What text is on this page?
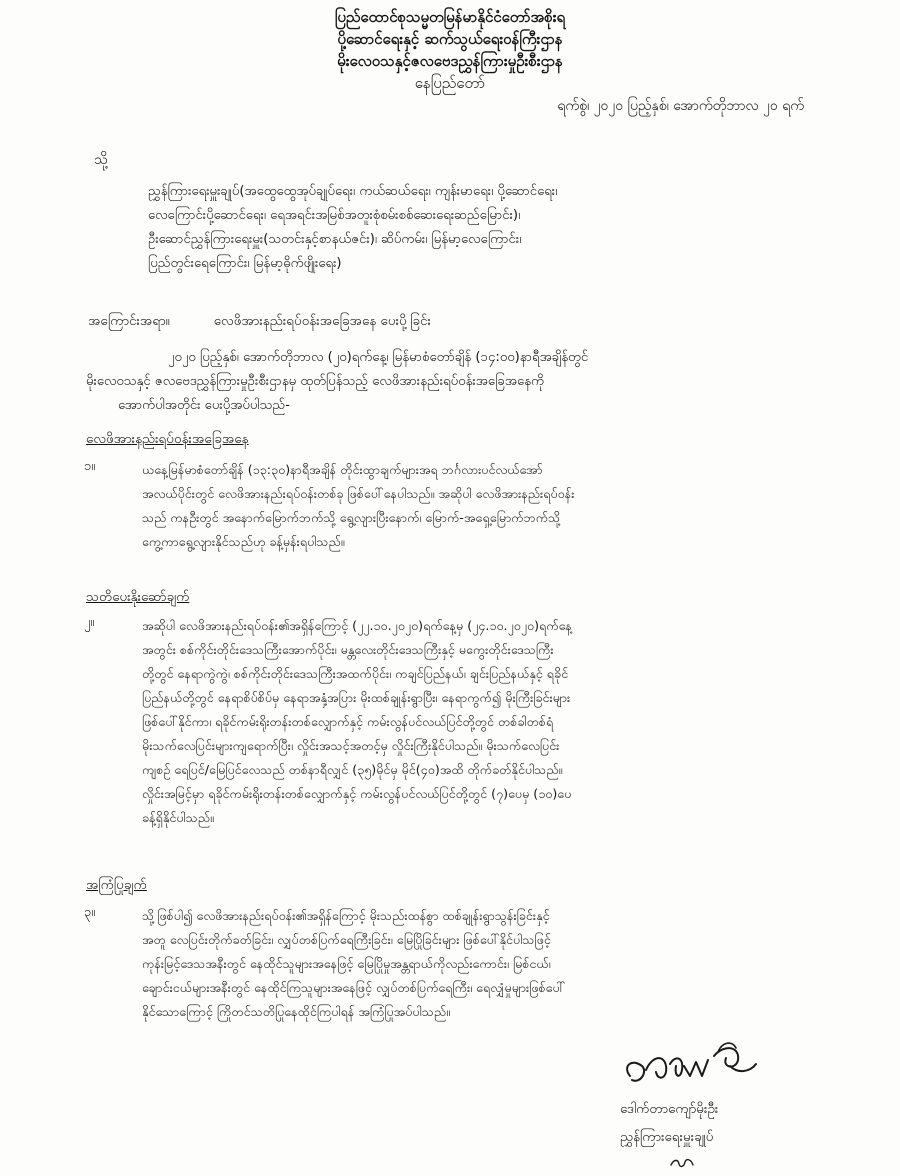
ပြည်ထောင်စုသမ္မတမြန်မာနိုင်ငံတော်အစိုးရ
ပို့ဆောင်ရေးနှင့် ဆက်သွယ်ရေးဝန်ကြီးဌာန
မိုးလေဝသနှင့်ဇလဗေဒညွှန်ကြားမှုဦးစီးဌာန
နေပြည်တော်
ရက်စွဲ၊ ၂၀၂၀ ပြည့်နှစ်၊ အောက်တိုဘာလ ၂၀ ရက်
သို့
ညွှန်ကြားရေးမှူးချုပ်(အထွေထွေအုပ်ချုပ်ရေး၊ ကယ်ဆယ်ရေး၊ ကျန်းမာရေး၊ ပို့ဆောင်ရေး၊
လေကြောင်းပို့ဆောင်ရေး၊ ရေအရင်းအမြစ်အတူးစုံစမ်းစစ်ဆေးရေးဆည်မြောင်း)၊
ဦးဆောင်ညွှန်ကြားရေးမှူး(သတင်းနှင့်စာနယ်ဇင်း)၊ ဆိပ်ကမ်း၊ မြန်မာ့လေကြောင်း၊
ပြည်တွင်းရေကြောင်း၊ မြန်မာ့ဓိုက်ဖျိုးရေး)
အကြောင်းအရာ။	လေဖိအားနည်းရပ်ဝန်းအခြေအနေ ပေးပို့ခြင်း
၂၀၂၀ ပြည့်နှစ်၊ အောက်တိုဘာလ (၂၀)ရက်နေ့၊ မြန်မာစံတော်ချိန် (၁၄:၀၀)နာရီအချိန်တွင်
မိုးလေဝသနှင့် ဇလဗေဒညွှန်ကြားမှုဦးစီးဌာနမှ ထုတ်ပြန်သည့် လေဖိအားနည်းရပ်ဝန်းအခြေအနေကို
အောက်ပါအတိုင်း ပေးပို့အပ်ပါသည်-
လေဖိအားနည်းရပ်ဝန်းအခြေအနေ
၁။	ယနေ့မြန်မာစံတော်ချိန် (၁၃:၃၀)နာရီအချိန် တိုင်းထွာချက်များအရ ဘင်္ဂလားပင်လယ်အော်
အလယ်ပိုင်းတွင် လေဖိအားနည်းရပ်ဝန်းတစ်ခု ဖြစ်ပေါ်နေပါသည်။ အဆိုပါ လေဖိအားနည်းရပ်ဝန်း
သည် ကနဦးတွင် အနောက်မြောက်ဘက်သို့ ရွေ့လျားပြီးနောက်၊ မြောက်-အရှေ့မြောက်ဘက်သို့
ကွေ့ကာရွေ့လျားနိုင်သည်ဟု ခန့်မှန်းရပါသည်။
သတိပေးနိုးဆော်ချက်
၂။	အဆိုပါ လေဖိအားနည်းရပ်ဝန်း၏အရှိန်ကြောင့် (၂၂.၁၀.၂၀၂၀)ရက်နေ့မှ (၂၄.၁၀.၂၀၂၀)ရက်နေ့
အတွင်း စစ်ကိုင်းတိုင်းဒေသကြီးအောက်ပိုင်း၊ မန္တလေးတိုင်းဒေသကြီးနှင့် မကွေးတိုင်းဒေသကြီး
တို့တွင် နေရာကွဲကွဲ၊ စစ်ကိုင်းတိုင်းဒေသကြီးအထက်ပိုင်း၊ ကချင်ပြည်နယ်၊ ချင်းပြည်နယ်နှင့် ရခိုင်
ပြည်နယ်တို့တွင် နေရာစိပ်စိပ်မှ နေရာအနှံ့အပြား မိုးထစ်ချုန်းရွာပြီး၊ နေရာကွက်၍ မိုးကြီးခြင်းများ
ဖြစ်ပေါ်နိုင်ကာ၊ ရခိုင်ကမ်းရိုးတန်းတစ်လျှောက်နှင့် ကမ်းလွန်ပင်လယ်ပြင်တို့တွင် တစ်ခါတစ်ရံ
မိုးသက်လေပြင်းများကျရောက်ပြီး၊ လှိုင်းအသင့်အတင့်မှ လှိုင်းကြီးနိုင်ပါသည်။ မိုးသက်လေပြင်း
ကျစဉ် ရေပြင်/မြေပြင်လေသည် တစ်နာရီလျှင် (၃၅)မိုင်မှ မိုင်(၄၀)အထိ တိုက်ခတ်နိုင်ပါသည်။
လှိုင်းအမြင့်မှာ ရခိုင်ကမ်းရိုးတန်းတစ်လျှောက်နှင့် ကမ်းလွန်ပင်လယ်ပြင်တို့တွင် (၇)ပေမှ (၁၀)ပေ
ခန့်ရှိနိုင်ပါသည်။
အကြံပြုချက်
၃။	သို့ဖြစ်ပါ၍ လေဖိအားနည်းရပ်ဝန်း၏အရှိန်ကြောင့် မိုးသည်းထန်စွာ ထစ်ချုန်းရွာသွန်းခြင်းနှင့်
အတူ လေပြင်းတိုက်ခတ်ခြင်း၊ လျှပ်တစ်ပြက်ရေကြီးခြင်း၊ မြေပြိုခြင်းများ ဖြစ်ပေါ်နိုင်ပါသဖြင့်
ကုန်းမြင့်ဒေသအနီးတွင် နေထိုင်သူများအနေဖြင့် မြေပြိုမှုအန္တရာယ်ကိုလည်းကောင်း၊ မြစ်ငယ်၊
ချောင်းငယ်များအနီးတွင် နေထိုင်ကြသူများအနေဖြင့် လျှပ်တစ်ပြက်ရေကြီး၊ ရေလျှံမှုများဖြစ်ပေါ်
နိုင်သောကြောင့် ကြိုတင်သတိပြုနေထိုင်ကြပါရန် အကြံပြုအပ်ပါသည်။
ဒေါက်တာကျော်မိုးဦး
ညွှန်ကြားရေးမှူးချုပ်
